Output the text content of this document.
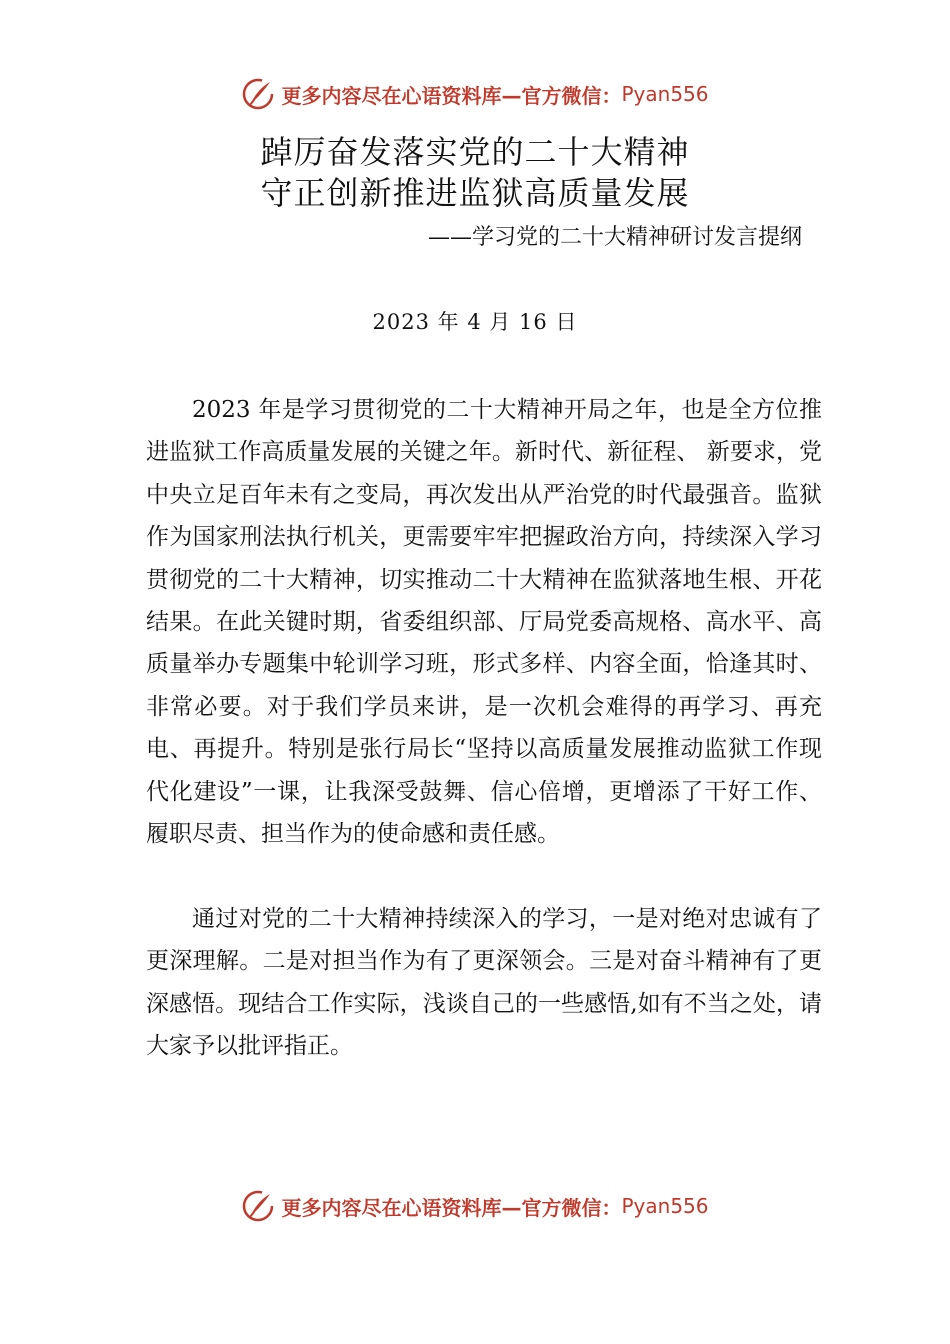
更多内容尽在心语资料库—官方微信： Pyan556
踔厉奋发落实党的二十大精神
守正创新推进监狱高质量发展
——学习党的二十大精神研讨发言提纲
2023 年 4 月 16 日

2023 年是学习贯彻党的二十大精神开局之年，也是全方位推进监狱工作高质量发展的关键之年。新时代、新征程、 新要求，党中央立足百年未有之变局，再次发出从严治党的时代最强音。监狱作为国家刑法执行机关，更需要牢牢把握政治方向，持续深入学习贯彻党的二十大精神，切实推动二十大精神在监狱落地生根、开花结果。在此关键时期，省委组织部、厅局党委高规格、高水平、高质量举办专题集中轮训学习班，形式多样、内容全面，恰逢其时、非常必要。对于我们学员来讲，是一次机会难得的再学习、再充电、再提升。特别是张行局长“坚持以高质量发展推动监狱工作现代化建设”一课，让我深受鼓舞、信心倍增，更增添了干好工作、履职尽责、担当作为的使命感和责任感。

通过对党的二十大精神持续深入的学习，一是对绝对忠诚有了更深理解。二是对担当作为有了更深领会。三是对奋斗精神有了更深感悟。现结合工作实际，浅谈自己的一些感悟,如有不当之处，请大家予以批评指正。

更多内容尽在心语资料库—官方微信： Pyan556
